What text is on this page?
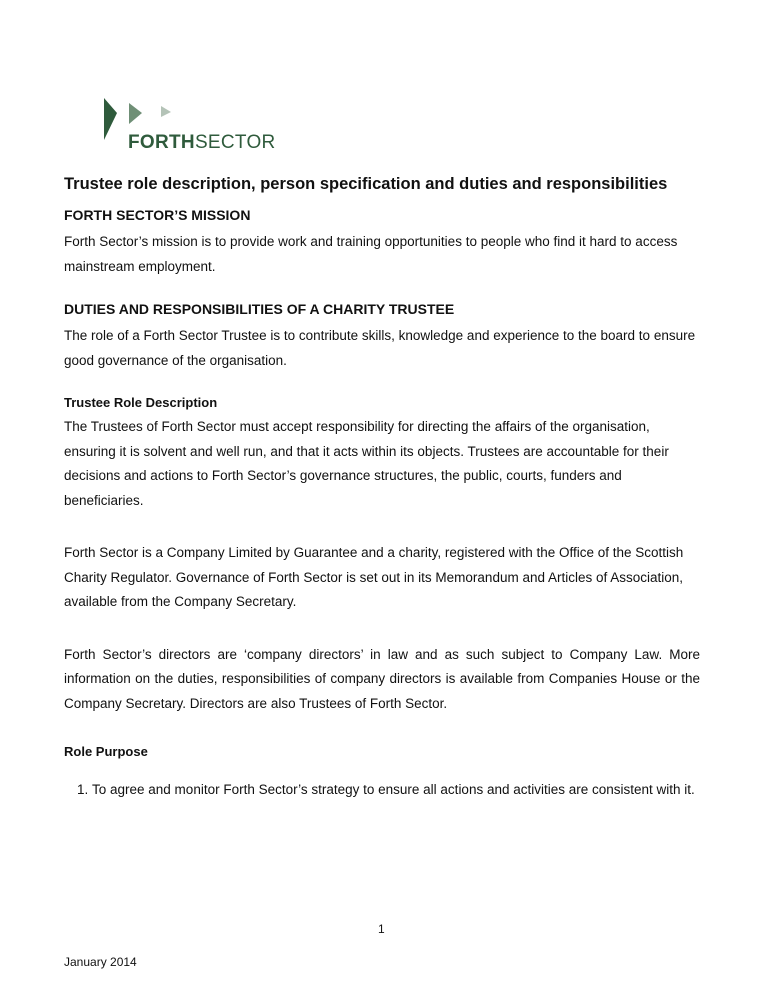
FORTHSECTOR
Trustee role description, person specification and duties and responsibilities
FORTH SECTOR’S MISSION

Forth Sector’s mission is to provide work and training opportunities to people who find it hard to access mainstream employment.

DUTIES AND RESPONSIBILITIES OF A CHARITY TRUSTEE

The role of a Forth Sector Trustee is to contribute skills, knowledge and experience to the board to ensure good governance of the organisation.

Trustee Role Description

The Trustees of Forth Sector must accept responsibility for directing the affairs of the organisation, ensuring it is solvent and well run, and that it acts within its objects. Trustees are accountable for their decisions and actions to Forth Sector’s governance structures, the public, courts, funders and beneficiaries.

Forth Sector is a Company Limited by Guarantee and a charity, registered with the Office of the Scottish Charity Regulator. Governance of Forth Sector is set out in its Memorandum and Articles of Association, available from the Company Secretary.

Forth Sector’s directors are ‘company directors’ in law and as such subject to Company Law. More information on the duties, responsibilities of company directors is available from Companies House or the Company Secretary. Directors are also Trustees of Forth Sector.

Role Purpose
1. To agree and monitor Forth Sector’s strategy to ensure all actions and activities are consistent with it.
1
January 2014
